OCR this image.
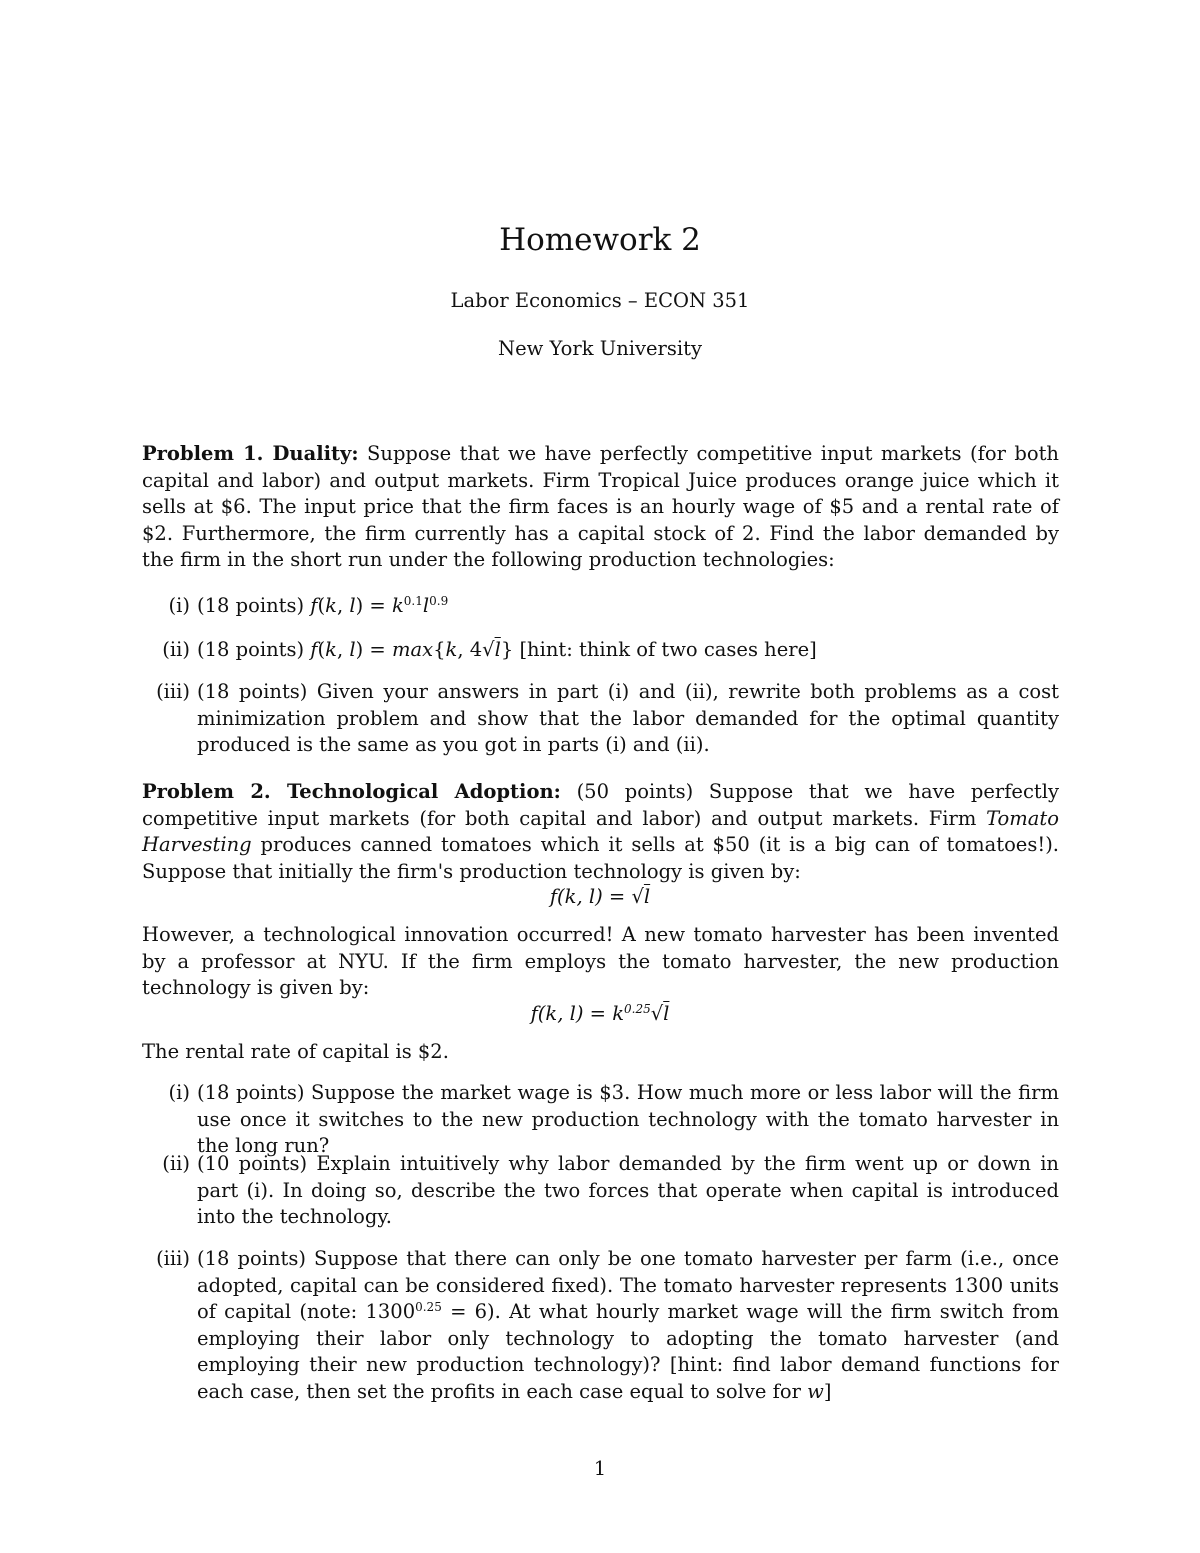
Homework 2
Labor Economics – ECON 351
New York University
Problem 1. Duality: Suppose that we have perfectly competitive input markets (for both capital and labor) and output markets. Firm Tropical Juice produces orange juice which it sells at $6. The input price that the firm faces is an hourly wage of $5 and a rental rate of $2. Furthermore, the firm currently has a capital stock of 2. Find the labor demanded by the firm in the short run under the following production technologies:
(i) (18 points) f(k, $l) = k^{0.1}l^{0.9}$
(ii) (18 points) f(k, l) = max{k, 4√l} [hint: think of two cases here]
(iii) (18 points) Given your answers in part (i) and (ii), rewrite both problems as a cost minimization problem and show that the labor demanded for the optimal quantity produced is the same as you got in parts (i) and (ii).
Problem 2. Technological Adoption: (50 points) Suppose that we have perfectly competitive input markets (for both capital and labor) and output markets. Firm Tomato Harvesting produces canned tomatoes which it sells at $50 (it is a big can of tomatoes!). Suppose that initially the firm's production technology is given by:
f(k, l) = √l
However, a technological innovation occurred! A new tomato harvester has been invented by a professor at NYU. If the firm employs the tomato harvester, the new production technology is given by:
f(k, $l) = k^{0.25}√l$
The rental rate of capital is $2.
(i) (18 points) Suppose the market wage is $3. How much more or less labor will the firm use once it switches to the new production technology with the tomato harvester in the long run?
(ii) (10 points) Explain intuitively why labor demanded by the firm went up or down in part (i). In doing so, describe the two forces that operate when capital is introduced into the technology.
(iii) (18 points) Suppose that there can only be one tomato harvester per farm (i.e., once adopted, capital can be considered fixed). The tomato harvester represents 1300 units of capital (note: $1300^{0.25} = 6$). At what hourly market wage will the firm switch from employing their labor only technology to adopting the tomato harvester (and employing their new production technology)? [hint: find labor demand functions for each case, then set the profits in each case equal to solve for w]
1
